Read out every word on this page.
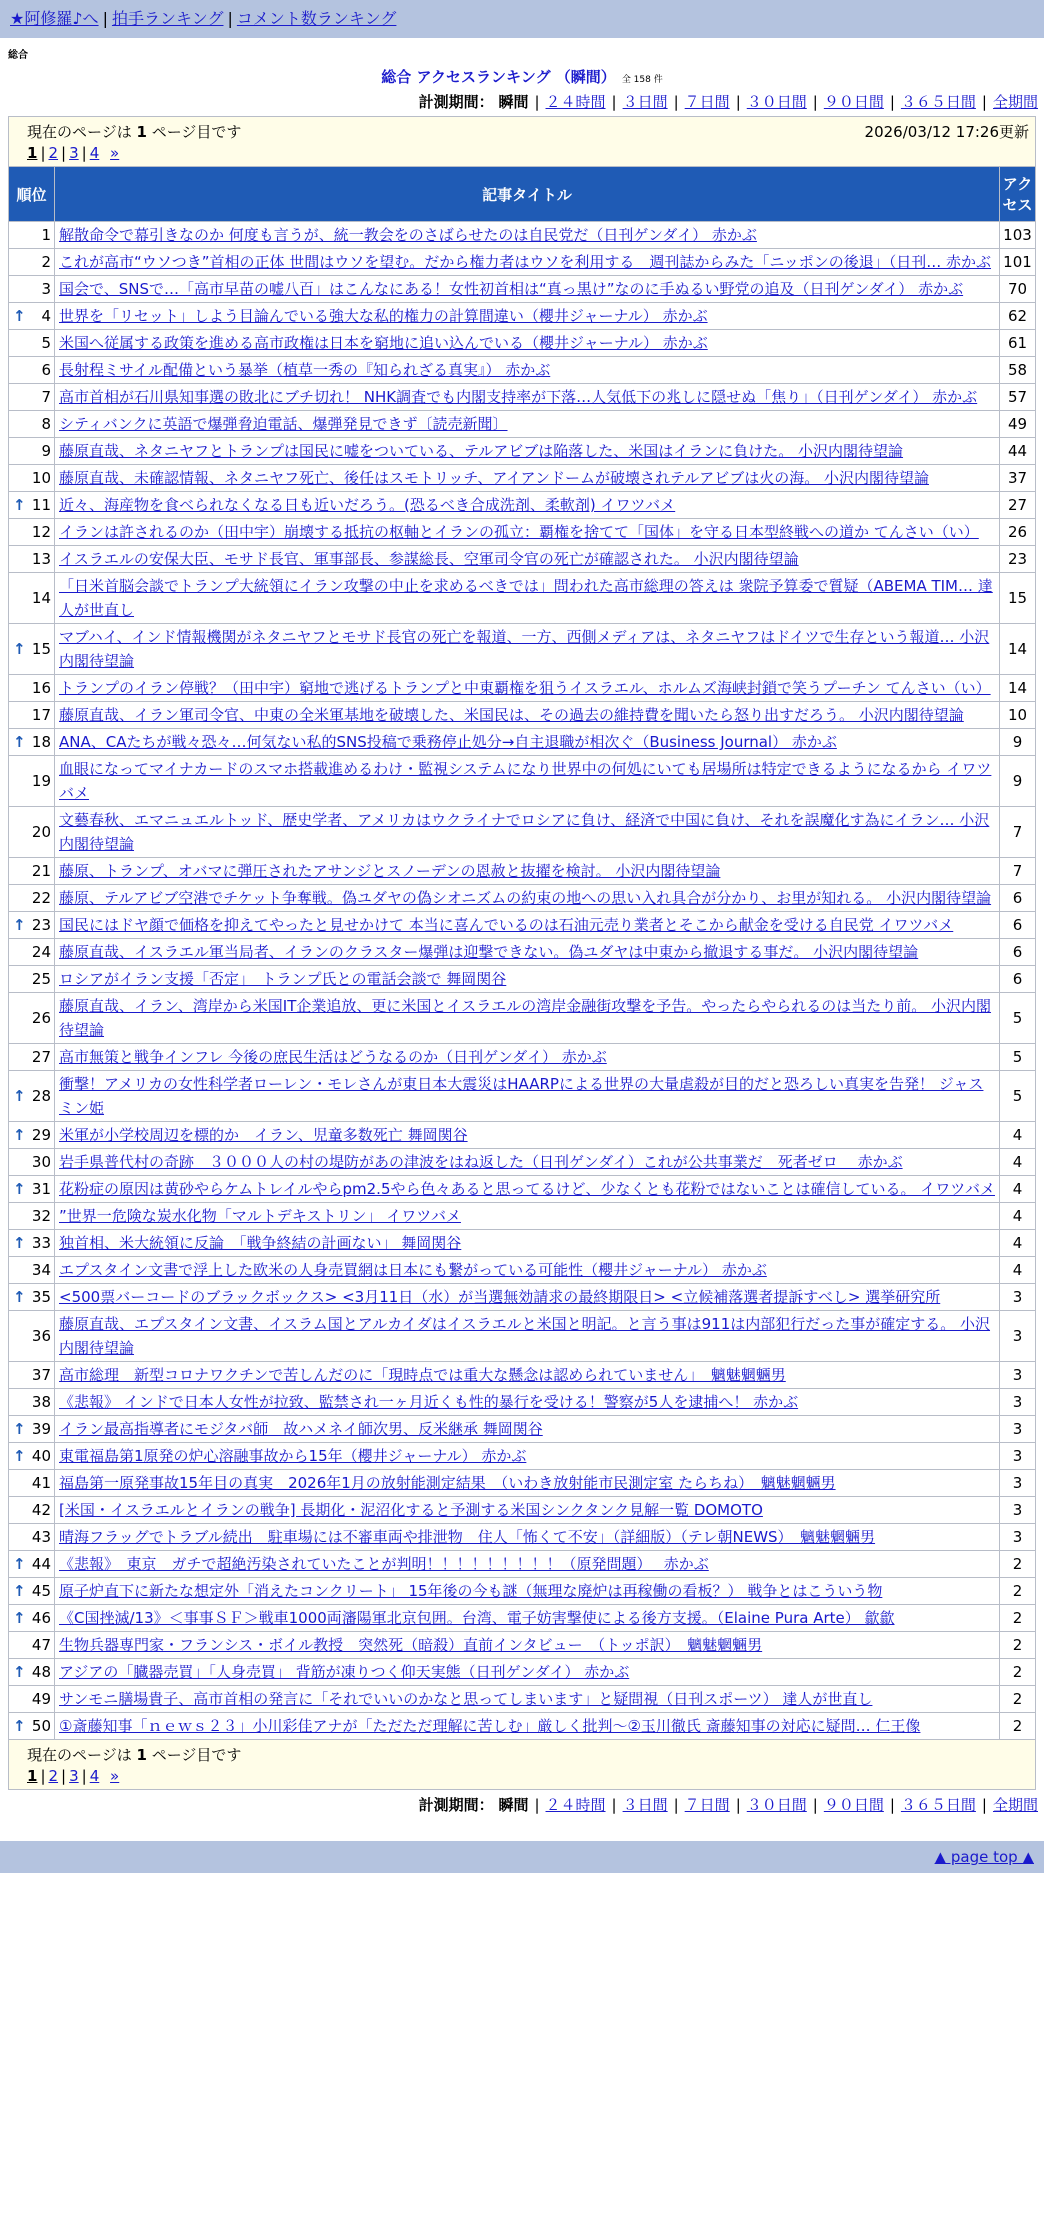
★阿修羅♪へ | 拍手ランキング | コメント数ランキング
総合
総合 アクセスランキング （瞬間） 全 158 件
計測期間： 瞬間 | ２４時間 | ３日間 | ７日間 | ３０日間 | ９０日間 | ３６５日間 | 全期間
現在のページは 1 ページ目です 2026/03/12 17:26更新
1 | 2 | 3 | 4 »		

順位	記事タイトル	アクセス
1	解散命令で幕引きなのか 何度も言うが、統一教会をのさばらせたのは自民党だ（日刊ゲンダイ） 赤かぶ	103
2	これが高市“ウソつき”首相の正体 世間はウソを望む。だから権力者はウソを利用する　週刊誌からみた「ニッポンの後退」（日刊… 赤かぶ	101
3	国会で、SNSで…「高市早苗の嘘八百」はこんなにある！女性初首相は“真っ黒け”なのに手ぬるい野党の追及（日刊ゲンダイ） 赤かぶ	70

↑ 4	世界を「リセット」しよう目論んでいる強大な私的権力の計算間違い（櫻井ジャーナル） 赤かぶ	62
5	米国へ従属する政策を進める高市政権は日本を窮地に追い込んでいる（櫻井ジャーナル） 赤かぶ	61
6	長射程ミサイル配備という暴挙（植草一秀の『知られざる真実』） 赤かぶ	58
7	高市首相が石川県知事選の敗北にブチ切れ！ NHK調査でも内閣支持率が下落…人気低下の兆しに隠せぬ「焦り」（日刊ゲンダイ） 赤かぶ	57
8	シティバンクに英語で爆弾脅迫電話、爆弾発見できず〔読売新聞〕	49
9	藤原直哉、ネタニヤフとトランプは国民に嘘をついている、テルアビブは陥落した、米国はイランに負けた。 小沢内閣待望論	44
10	藤原直哉、未確認情報、ネタニヤフ死亡、後任はスモトリッチ、アイアンドームが破壊されテルアビブは火の海。 小沢内閣待望論	37

↑ 11	近々、海産物を食べられなくなる日も近いだろう。(恐るべき合成洗剤、柔軟剤) イワツバメ	27
12	イランは許されるのか（田中宇）崩壊する抵抗の枢軸とイランの孤立：覇権を捨てて「国体」を守る日本型終戦への道か てんさい（い）	26
13	イスラエルの安保大臣、モサド長官、軍事部長、参謀総長、空軍司令官の死亡が確認された。 小沢内閣待望論	23
14	「日米首脳会談でトランプ大統領にイラン攻撃の中止を求めるべきでは」問われた高市総理の答えは 衆院予算委で質疑（ABEMA TIM… 達人が世直し	15

↑ 15	マブハイ、インド情報機関がネタニヤフとモサド長官の死亡を報道、一方、西側メディアは、ネタニヤフはドイツで生存という報道… 小沢内閣待望論	14
16	トランプのイラン停戦？（田中宇）窮地で逃げるトランプと中東覇権を狙うイスラエル、ホルムズ海峡封鎖で笑うプーチン てんさい（い）	14
17	藤原直哉、イラン軍司令官、中東の全米軍基地を破壊した、米国民は、その過去の維持費を聞いたら怒り出すだろう。 小沢内閣待望論	10

↑ 18	ANA、CAたちが戦々恐々…何気ない私的SNS投稿で乗務停止処分→自主退職が相次ぐ（Business Journal） 赤かぶ	9
19	血眼になってマイナカードのスマホ搭載進めるわけ・監視システムになり世界中の何処にいても居場所は特定できるようになるから イワツバメ	9
20	文藝春秋、エマニュエルトッド、歴史学者、アメリカはウクライナでロシアに負け、経済で中国に負け、それを誤魔化す為にイラン… 小沢内閣待望論	7
21	藤原、トランプ、オバマに弾圧されたアサンジとスノーデンの恩赦と抜擢を検討。 小沢内閣待望論	7
22	藤原、テルアビブ空港でチケット争奪戦。偽ユダヤの偽シオニズムの約束の地への思い入れ具合が分かり、お里が知れる。 小沢内閣待望論	6

↑ 23	国民にはドヤ顔で価格を抑えてやったと見せかけて 本当に喜んでいるのは石油元売り業者とそこから献金を受ける自民党 イワツバメ	6
24	藤原直哉、イスラエル軍当局者、イランのクラスター爆弾は迎撃できない。偽ユダヤは中東から撤退する事だ。 小沢内閣待望論	6
25	ロシアがイラン支援「否定」　トランプ氏との電話会談で 舞岡関谷	6
26	藤原直哉、イラン、湾岸から米国IT企業追放、更に米国とイスラエルの湾岸金融街攻撃を予告。やったらやられるのは当たり前。 小沢内閣待望論	5
27	高市無策と戦争インフレ 今後の庶民生活はどうなるのか（日刊ゲンダイ） 赤かぶ	5

↑ 28	衝撃！アメリカの女性科学者ローレン・モレさんが東日本大震災はHAARPによる世界の大量虐殺が目的だと恐ろしい真実を告発！ ジャスミン姫	5

↑ 29	米軍が小学校周辺を標的か　イラン、児童多数死亡 舞岡関谷	4
30	岩手県普代村の奇跡　３０００人の村の堤防があの津波をはね返した（日刊ゲンダイ）これが公共事業だ　死者ゼロ　 赤かぶ	4

↑ 31	花粉症の原因は黄砂やらケムトレイルやらpm2.5やら色々あると思ってるけど、少なくとも花粉ではないことは確信している。 イワツバメ	4
32	”世界一危険な炭水化物「マルトデキストリン」 イワツバメ	4

↑ 33	独首相、米大統領に反論　「戦争終結の計画ない」 舞岡関谷	4
34	エプスタイン文書で浮上した欧米の人身売買網は日本にも繋がっている可能性（櫻井ジャーナル） 赤かぶ	4

↑ 35	<500票バーコードのブラックボックス> <3月11日（水）が当選無効請求の最終期限日> <立候補落選者提訴すべし> 選挙研究所	3
36	藤原直哉、エプスタイン文書、イスラム国とアルカイダはイスラエルと米国と明記。と言う事は911は内部犯行だった事が確定する。 小沢内閣待望論	3
37	高市総理　新型コロナワクチンで苦しんだのに「現時点では重大な懸念は認められていません」　魑魅魍魎男	3
38	《悲報》 インドで日本人女性が拉致、監禁され一ヶ月近くも性的暴行を受ける！警察が5人を逮捕へ！ 赤かぶ	3

↑ 39	イラン最高指導者にモジタバ師　故ハメネイ師次男、反米継承 舞岡関谷	3

↑ 40	東電福島第1原発の炉心溶融事故から15年（櫻井ジャーナル） 赤かぶ	3
41	福島第一原発事故15年目の真実　2026年1月の放射能測定結果　（いわき放射能市民測定室 たらちね）　魑魅魍魎男	3
42	[米国・イスラエルとイランの戦争] 長期化・泥沼化すると予測する米国シンクタンク見解一覧 DOMOTO	3
43	晴海フラッグでトラブル続出　駐車場には不審車両や排泄物　住人「怖くて不安」（詳細版）（テレ朝NEWS）　魑魅魍魎男	3

↑ 44	《悲報》　東京　ガチで超絶汚染されていたことが判明！！！！！！！！！（原発問題）　 赤かぶ	2

↑ 45	原子炉直下に新たな想定外「消えたコンクリート」 15年後の今も謎（無理な廃炉は再稼働の看板？） 戦争とはこういう物	2

↑ 46	《C国挫滅/13》＜事事ＳＦ＞戦車1000両瀋陽軍北京包囲。台湾、電子妨害撃使による後方支援。（Elaine Pura Arte） 歙歙	2
47	生物兵器専門家・フランシス・ボイル教授　突然死（暗殺）直前インタビュー　（トッポ訳）　魑魅魍魎男	2

↑ 48	アジアの「臓器売買」「人身売買」 背筋が凍りつく仰天実態（日刊ゲンダイ） 赤かぶ	2
49	サンモニ膳場貴子、高市首相の発言に「それでいいのかなと思ってしまいます」と疑問視（日刊スポーツ） 達人が世直し	2

↑ 50	①斎藤知事「ｎｅｗｓ２３」小川彩佳アナが「ただただ理解に苦しむ」厳しく批判～②玉川徹氏 斎藤知事の対応に疑問… 仁王像	2

現在のページは 1 ページ目です
1 | 2 | 3 | 4 »		
計測期間： 瞬間 | ２４時間 | ３日間 | ７日間 | ３０日間 | ９０日間 | ３６５日間 | 全期間
▲ page top ▲
